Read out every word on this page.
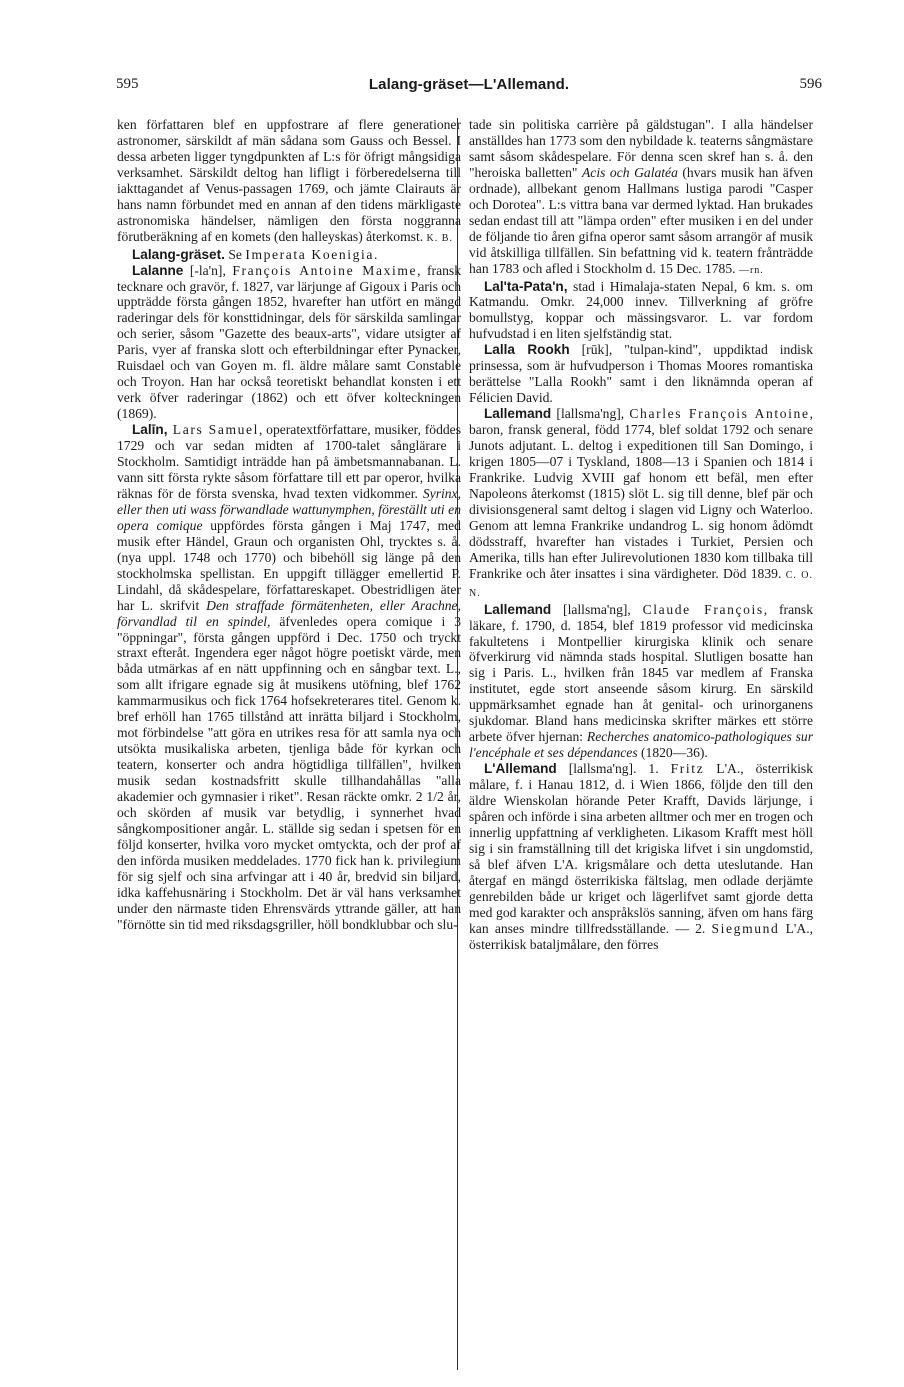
595	Lalang-gräset—L'Allemand.	596

ken författaren blef en uppfostrare af flere generationer astronomer, särskildt af män sådana som Gauss och Bessel. I dessa arbeten ligger tyngdpunkten af L:s för öfrigt mångsidiga verksamhet. Särskildt deltog han lifligt i förberedelserna till iakttagandet af Venus-passagen 1769, och jämte Clairauts är hans namn förbundet med en annan af den tidens märkligaste astronomiska händelser, nämligen den första noggranna förutberäkning af en komets (den halleyskas) återkomst. K. B.

Lalang-gräset. Se Imperata Koenigia.

Lalanne [-la'n], François Antoine Maxime, fransk tecknare och gravör, f. 1827, var lärjunge af Gigoux i Paris och uppträdde första gången 1852, hvarefter han utfört en mängd raderingar dels för konsttidningar, dels för särskilda samlingar och serier, såsom "Gazette des beaux-arts", vidare utsigter af Paris, vyer af franska slott och efterbildningar efter Pynacker, Ruisdael och van Goyen m. fl. äldre målare samt Constable och Troyon. Han har också teoretiskt behandlat konsten i ett verk öfver raderingar (1862) och ett öfver kolteckningen (1869).

Lalīn, Lars Samuel, operatextförfattare, musiker, föddes 1729 och var sedan midten af 1700-talet sånglärare i Stockholm. Samtidigt inträdde han på ämbetsmannabanan. L. vann sitt första rykte såsom författare till ett par operor, hvilka räknas för de första svenska, hvad texten vidkommer. Syrinx, eller then uti wass förwandlade wattunymphen, föreställt uti en opera comique uppfördes första gången i Maj 1747, med musik efter Händel, Graun och organisten Ohl, trycktes s. å. (nya uppl. 1748 och 1770) och bibehöll sig länge på den stockholmska spellistan. En uppgift tillägger emellertid P. Lindahl, då skådespelare, författareskapet. Obestridligen äter har L. skrifvit Den straffade förmätenheten, eller Arachne, förvandlad til en spindel, äfvenledes opera comique i 3 "öppningar", första gången uppförd i Dec. 1750 och tryckt straxt efteråt. Ingendera eger något högre poetiskt värde, men båda utmärkas af en nätt uppfinning och en sångbar text. L., som allt ifrigare egnade sig åt musikens utöfning, blef 1762 kammarmusikus och fick 1764 hofsekreterares titel. Genom k. bref erhöll han 1765 tillstånd att inrätta biljard i Stockholm, mot förbindelse "att göra en utrikes resa för att samla nya och utsökta musikaliska arbeten, tjenliga både för kyrkan och teatern, konserter och andra högtidliga tillfällen", hvilken musik sedan kostnadsfritt skulle tillhandahållas "alla akademier och gymnasier i riket". Resan räckte omkr. 2 1/2 år, och skörden af musik var betydlig, i synnerhet hvad sångkompositioner angår. L. ställde sig sedan i spetsen för en följd konserter, hvilka voro mycket omtyckta, och der prof af den införda musiken meddelades. 1770 fick han k. privilegium för sig sjelf och sina arfvingar att i 40 år, bredvid sin biljard, idka kaffehusnäring i Stockholm. Det är väl hans verksamhet under den närmaste tiden Ehrensvärds yttrande gäller, att han "förnötte sin tid med riksdagsgriller, höll bondklubbar och slu-

tade sin politiska carrière på gäldstugan". I alla händelser anställdes han 1773 som den nybildade k. teaterns sångmästare samt såsom skådespelare. För denna scen skref han s. å. den "heroiska balletten" Acis och Galatéa (hvars musik han äfven ordnade), allbekant genom Hallmans lustiga parodi "Casper och Dorotea". L:s vittra bana var dermed lyktad. Han brukades sedan endast till att "lämpa orden" efter musiken i en del under de följande tio åren gifna operor samt såsom arrangör af musik vid åtskilliga tillfällen. Sin befattning vid k. teatern frånträdde han 1783 och afled i Stockholm d. 15 Dec. 1785. —rn.

Lal'ta-Pata'n, stad i Himalaja-staten Nepal, 6 km. s. om Katmandu. Omkr. 24,000 innev. Tillverkning af gröfre bomullstyg, koppar och mässingsvaror. L. var fordom hufvudstad i en liten sjelfständig stat.

Lalla Rookh [rūk], "tulpan-kind", uppdiktad indisk prinsessa, som är hufvudperson i Thomas Moores romantiska berättelse "Lalla Rookh" samt i den liknämnda operan af Félicien David.

Lallemand [lallsma'ng], Charles François Antoine, baron, fransk general, född 1774, blef soldat 1792 och senare Junots adjutant. L. deltog i expeditionen till San Domingo, i krigen 1805—07 i Tyskland, 1808—13 i Spanien och 1814 i Frankrike. Ludvig XVIII gaf honom ett befäl, men efter Napoleons återkomst (1815) slöt L. sig till denne, blef pär och divisionsgeneral samt deltog i slagen vid Ligny och Waterloo. Genom att lemna Frankrike undandrog L. sig honom ådömdt dödsstraff, hvarefter han vistades i Turkiet, Persien och Amerika, tills han efter Julirevolutionen 1830 kom tillbaka till Frankrike och åter insattes i sina värdigheter. Död 1839. C. O. N.

Lallemand [lallsma'ng], Claude François, fransk läkare, f. 1790, d. 1854, blef 1819 professor vid medicinska fakultetens i Montpellier kirurgiska klinik och senare öfverkirurg vid nämnda stads hospital. Slutligen bosatte han sig i Paris. L., hvilken från 1845 var medlem af Franska institutet, egde stort anseende såsom kirurg. En särskild uppmärksamhet egnade han åt genital- och urinorganens sjukdomar. Bland hans medicinska skrifter märkes ett större arbete öfver hjernan: Recherches anatomico-pathologiques sur l'encéphale et ses dépendances (1820—36).

L'Allemand [lallsma'ng]. 1. Fritz L'A., österrikisk målare, f. i Hanau 1812, d. i Wien 1866, följde den till den äldre Wienskolan hörande Peter Krafft, Davids lärjunge, i spåren och införde i sina arbeten alltmer och mer en trogen och innerlig uppfattning af verkligheten. Likasom Krafft mest höll sig i sin framställning till det krigiska lifvet i sin ungdomstid, så blef äfven L'A. krigsmålare och detta uteslutande. Han återgaf en mängd österrikiska fältslag, men odlade derjämte genrebilden både ur kriget och lägerlifvet samt gjorde detta med god karakter och anspråkslös sanning, äfven om hans färg kan anses mindre tillfredsställande. — 2. Siegmund L'A., österrikisk bataljmålare, den förres
